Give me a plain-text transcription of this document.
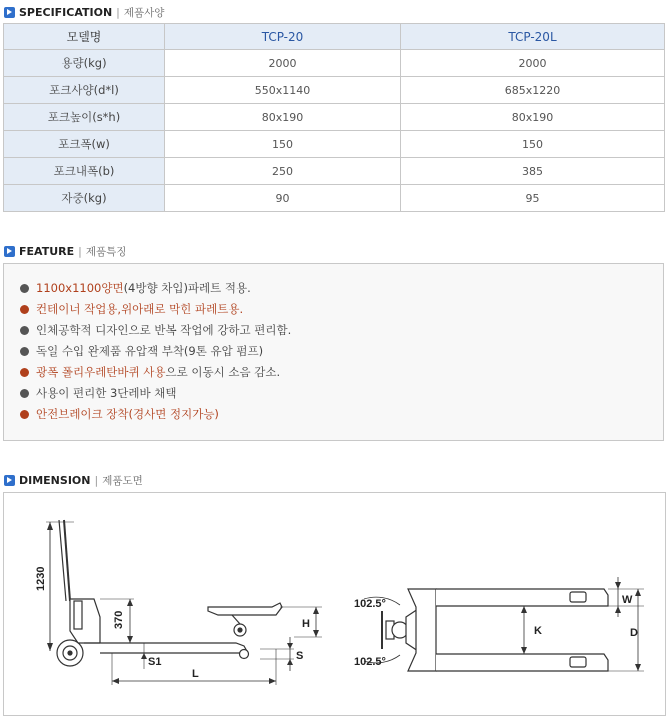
SPECIFICATION | 제품사양
모델명	TCP-20	TCP-20L
용량(kg)	2000	2000
포크사양(d*l)	550x1140	685x1220
포크높이(s*h)	80x190	80x190
포크폭(w)	150	150
포크내폭(b)	250	385
자중(kg)	90	95
FEATURE | 제품특징
1100x1100양면 (4방향 차입)파레트 적용.
컨테이너 작업용,위아래로 막힌 파레트용.
인체공학적 디자인으로 반복 작업에 강하고 편리함.
독일 수입 완제품 유압잭 부착(9톤 유압 펌프)
광폭 폴리우레탄바퀴 사용 으로 이동시 소음 감소.
사용이 편리한 3단레바 채택
안전브레이크 장착(경사면 정지가능)
DIMENSION | 제품도면
1230
370
S1
L
S
H
102.5°
102.5°
K
W
D
